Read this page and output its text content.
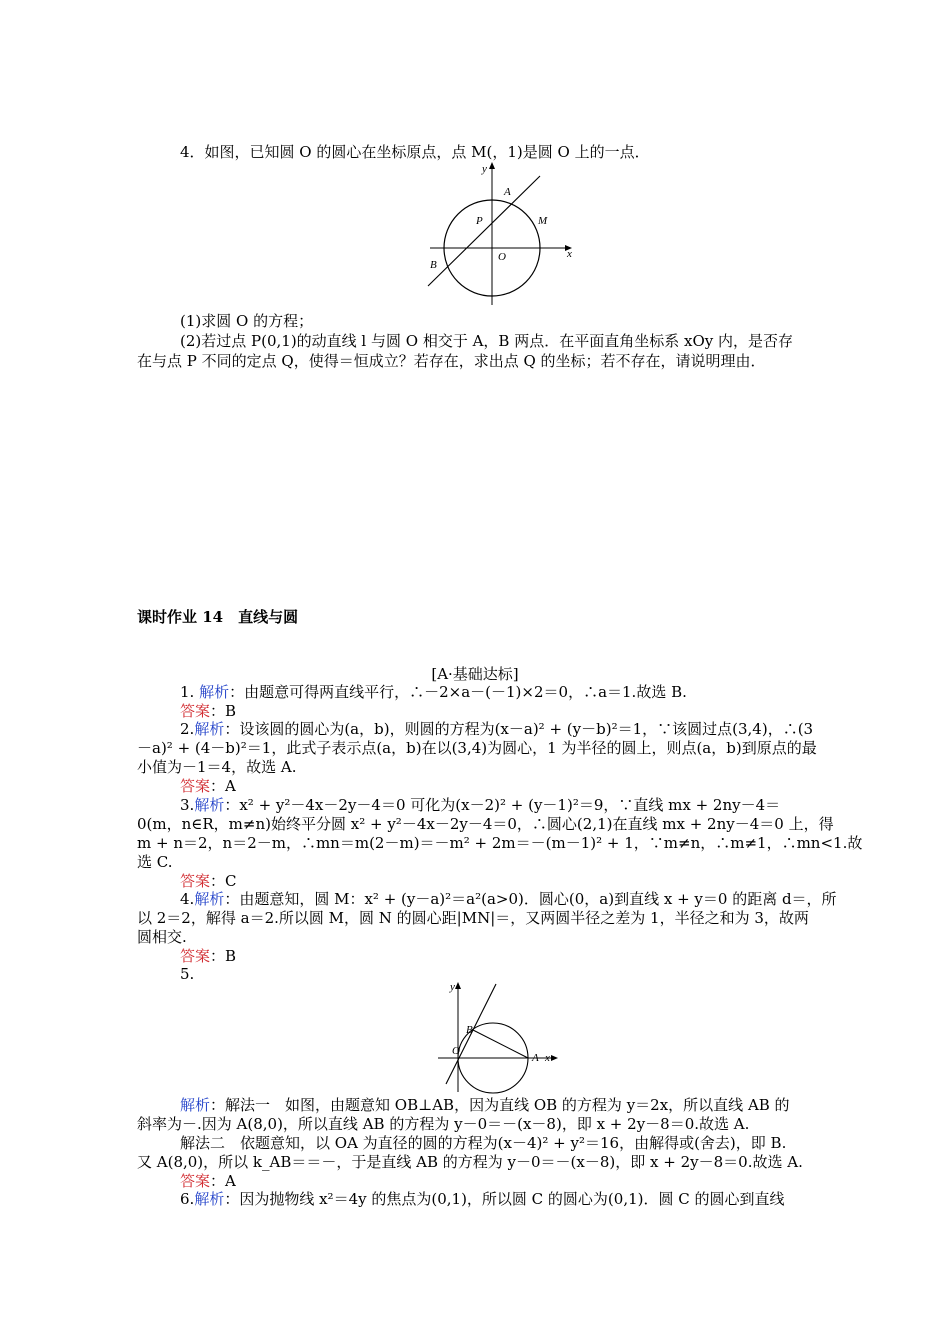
4．如图，已知圆 O 的圆心在坐标原点，点 M(，1)是圆 O 上的一点．
y
x
A
P	M
O
B
(1)求圆 O 的方程；
(2)若过点 P(0,1)的动直线 l 与圆 O 相交于 A，B 两点．在平面直角坐标系 xOy 内，是否存
在与点 P 不同的定点 Q，使得＝恒成立？若存在，求出点 Q 的坐标；若不存在，请说明理由．
课时作业 14　直线与圆
[A·基础达标]
1. 解析：由题意可得两直线平行，∴－2×a－(－1)×2＝0，∴a＝1.故选 B.
答案：B
2.解析：设该圆的圆心为(a，b)，则圆的方程为(x－a)² + (y－b)²＝1，∵该圆过点(3,4)，∴(3
－a)² + (4－b)²＝1，此式子表示点(a，b)在以(3,4)为圆心，1 为半径的圆上，则点(a，b)到原点的最
小值为－1＝4，故选 A.
答案：A
3.解析：x² + y²－4x－2y－4＝0 可化为(x－2)² + (y－1)²＝9，∵直线 mx + 2ny－4＝
0(m，n∈R，m≠n)始终平分圆 x² + y²－4x－2y－4＝0，∴圆心(2,1)在直线 mx + 2ny－4＝0 上，得
m + n＝2，n＝2－m，∴mn＝m(2－m)＝－m² + 2m＝－(m－1)² + 1，∵m≠n，∴m≠1，∴mn<1.故
选 C.
答案：C
4.解析：由题意知，圆 M：x² + (y－a)²＝a²(a>0)．圆心(0，a)到直线 x + y＝0 的距离 d＝，所
以 2＝2，解得 a＝2.所以圆 M，圆 N 的圆心距|MN|＝，又两圆半径之差为 1，半径之和为 3，故两
圆相交.
答案：B
5.
y
B
O
A x
解析：解法一　如图，由题意知 OB⊥AB，因为直线 OB 的方程为 y＝2x，所以直线 AB 的
斜率为－.因为 A(8,0)，所以直线 AB 的方程为 y－0＝－(x－8)，即 x + 2y－8＝0.故选 A.
解法二　依题意知，以 OA 为直径的圆的方程为(x－4)² + y²＝16，由解得或(舍去)，即 B.
又 A(8,0)，所以 k_AB＝＝－，于是直线 AB 的方程为 y－0＝－(x－8)，即 x + 2y－8＝0.故选 A.
答案：A
6.解析：因为抛物线 x²＝4y 的焦点为(0,1)，所以圆 C 的圆心为(0,1)．圆 C 的圆心到直线
